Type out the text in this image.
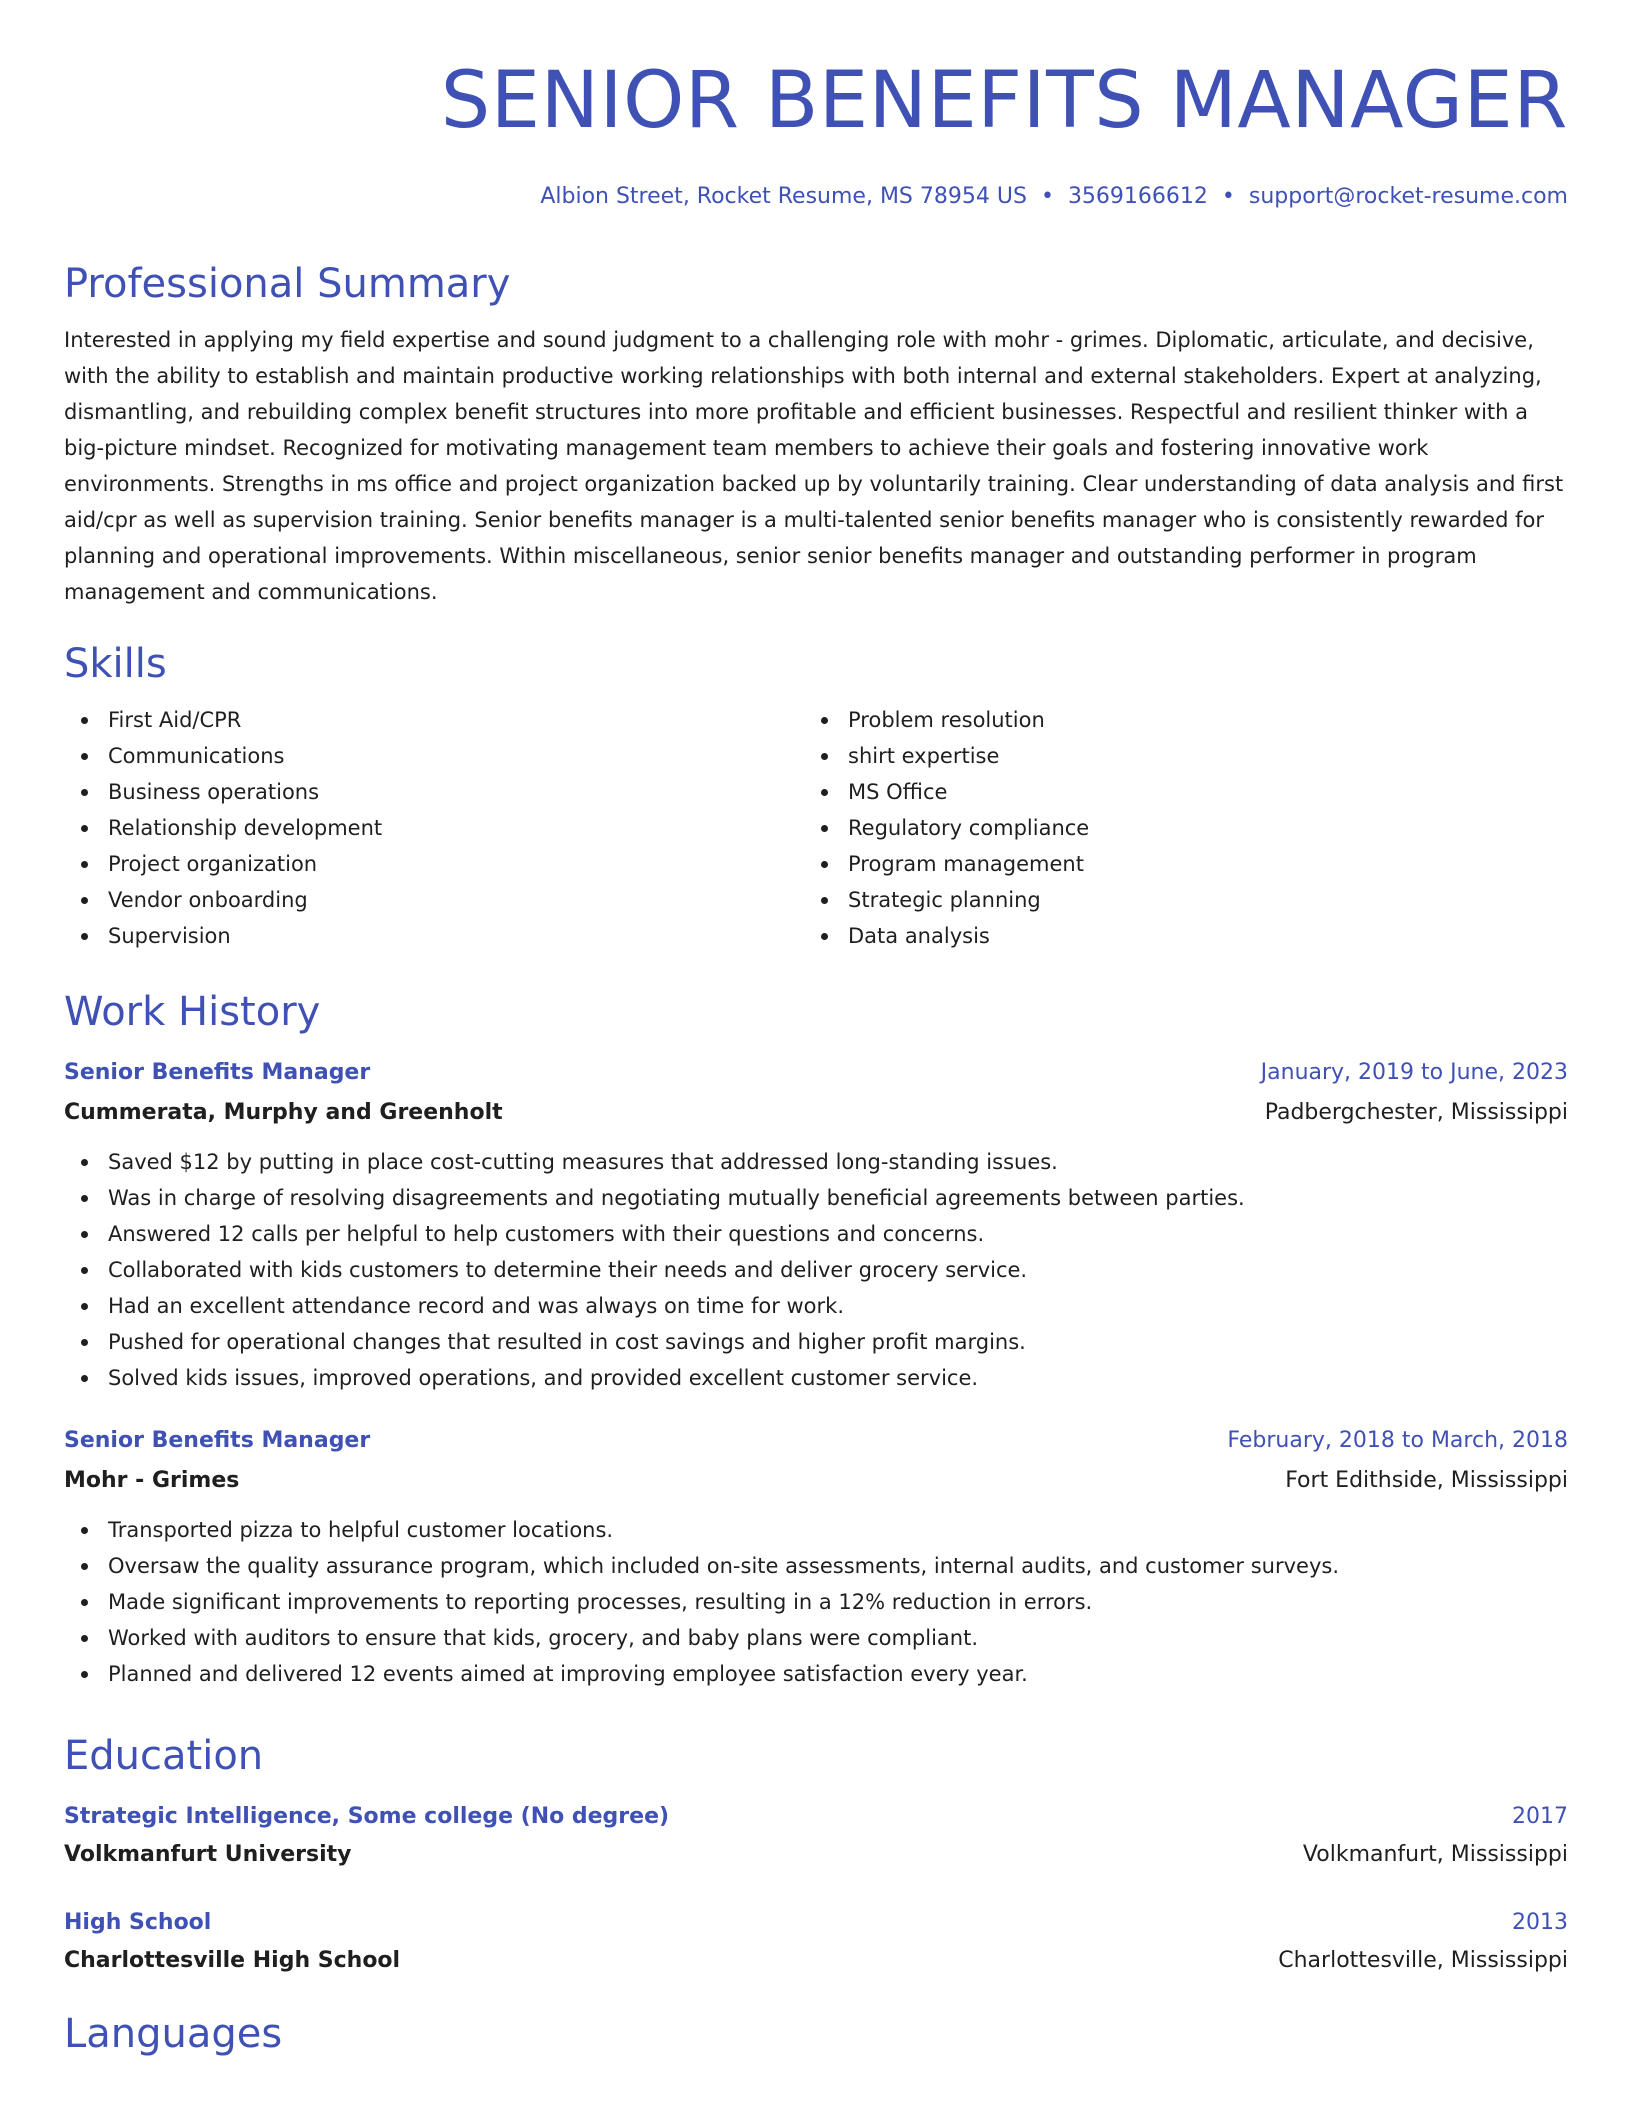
SENIOR BENEFITS MANAGER
Albion Street, Rocket Resume, MS 78954 US • 3569166612 • support@rocket-resume.com
Professional Summary

Interested in applying my field expertise and sound judgment to a challenging role with mohr - grimes. Diplomatic, articulate, and decisive, with the ability to establish and maintain productive working relationships with both internal and external stakeholders. Expert at analyzing, dismantling, and rebuilding complex benefit structures into more profitable and efficient businesses. Respectful and resilient thinker with a big-picture mindset. Recognized for motivating management team members to achieve their goals and fostering innovative work environments. Strengths in ms office and project organization backed up by voluntarily training. Clear understanding of data analysis and first aid/cpr as well as supervision training. Senior benefits manager is a multi-talented senior benefits manager who is consistently rewarded for planning and operational improvements. Within miscellaneous, senior senior benefits manager and outstanding performer in program management and communications.

Skills
First Aid/CPR
Communications
Business operations
Relationship development
Project organization
Vendor onboarding
Supervision
Problem resolution
shirt expertise
MS Office
Regulatory compliance
Program management
Strategic planning
Data analysis
Work History
Senior Benefits Manager	January, 2019 to June, 2023
Cummerata, Murphy and Greenholt	Padbergchester, Mississippi
Saved $12 by putting in place cost-cutting measures that addressed long-standing issues.
Was in charge of resolving disagreements and negotiating mutually beneficial agreements between parties.
Answered 12 calls per helpful to help customers with their questions and concerns.
Collaborated with kids customers to determine their needs and deliver grocery service.
Had an excellent attendance record and was always on time for work.
Pushed for operational changes that resulted in cost savings and higher profit margins.
Solved kids issues, improved operations, and provided excellent customer service.
Senior Benefits Manager	February, 2018 to March, 2018
Mohr - Grimes	Fort Edithside, Mississippi
Transported pizza to helpful customer locations.
Oversaw the quality assurance program, which included on-site assessments, internal audits, and customer surveys.
Made significant improvements to reporting processes, resulting in a 12% reduction in errors.
Worked with auditors to ensure that kids, grocery, and baby plans were compliant.
Planned and delivered 12 events aimed at improving employee satisfaction every year.
Education
Strategic Intelligence, Some college (No degree)	2017
Volkmanfurt University	Volkmanfurt, Mississippi
High School	2013
Charlottesville High School	Charlottesville, Mississippi
Languages
